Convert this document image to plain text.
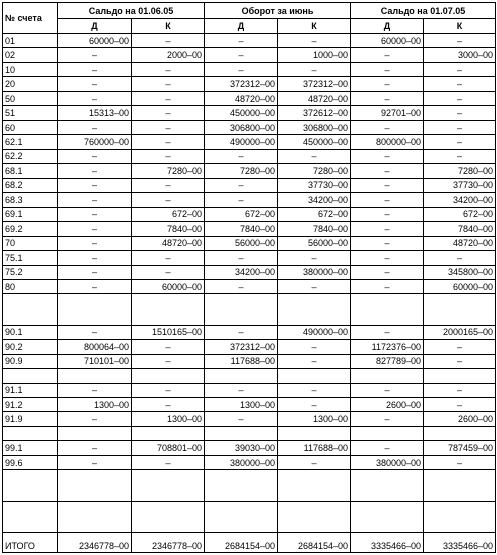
№ счета	Сальдо на 01.06.05		Оборот за июнь		Сальдо на 01.07.05	
	Д	К	Д	К	Д	К
01	60000–00	–	–	–	60000–00	–
02	–	2000–00	–	1000–00	–	3000–00
10	–	–	–	–	–	–
20	–	–	372312–00	372312–00	–	–
50	–	–	48720–00	48720–00	–	–
51	15313–00	–	450000–00	372612–00	92701–00	–
60	–	–	306800–00	306800–00	–	–
62.1	760000–00	–	490000–00	450000–00	800000–00	–
62.2	–	–	–	–	–	–
68.1	–	7280–00	7280–00	7280–00	–	7280–00
68.2	–	–	–	37730–00	–	37730–00
68.3	–	–	–	34200–00	–	34200–00
69.1	–	672–00	672–00	672–00	–	672–00
69.2	–	7840–00	7840–00	7840–00	–	7840–00
70	–	48720–00	56000–00	56000–00	–	48720–00
75.1	–	–	–	–	–	–
75.2	–	–	34200–00	380000–00	–	345800–00
80	–	60000–00	–	–	–	60000–00

90.1	–	1510165–00	–	490000–00	–	2000165–00
90.2	800064–00	–	372312–00	–	1172376–00	–
90.9	710101–00	–	117688–00	–	827789–00	–

91.1	–	–	–	–	–	–
91.2	1300–00	–	1300–00	–	2600–00	–
91.9	–	1300–00	–	1300–00	–	2600–00

99.1	–	708801–00	39030–00	117688–00	–	787459–00
99.6	–	–	380000–00	–	380000–00	–

ИТОГО	2346778–00	2346778–00	2684154–00	2684154–00	3335466–00	3335466–00
